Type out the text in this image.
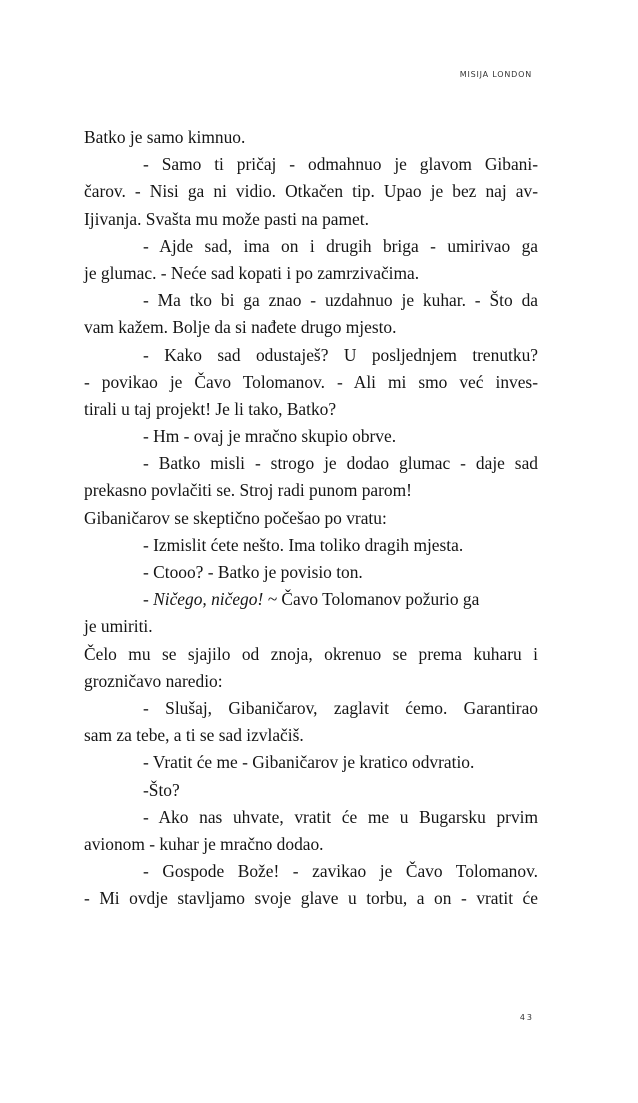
MISIJA LONDON
Batko je samo kimnuo.
- Samo ti pričaj - odmahnuo je glavom Gibani-
čarov. - Nisi ga ni vidio. Otkačen tip. Upao je bez naj av-
Ijivanja. Svašta mu može pasti na pamet.
- Ajde sad, ima on i drugih briga - umirivao ga
je glumac. - Neće sad kopati i po zamrzivačima.
- Ma tko bi ga znao - uzdahnuo je kuhar. - Što da
vam kažem. Bolje da si nađete drugo mjesto.
- Kako sad odustaješ? U posljednjem trenutku?
- povikao je Čavo Tolomanov. - Ali mi smo već inves-
tirali u taj projekt! Je li tako, Batko?
- Hm - ovaj je mračno skupio obrve.
- Batko misli - strogo je dodao glumac - daje sad
prekasno povlačiti se. Stroj radi punom parom!
Gibaničarov se skeptično počešao po vratu:
- Izmislit ćete nešto. Ima toliko dragih mjesta.
- Ctooo? - Batko je povisio ton.
- Ničego, ničego! ~ Čavo Tolomanov požurio ga
je umiriti.
Čelo mu se sjajilo od znoja, okrenuo se prema kuharu i
grozničavo naredio:
- Slušaj, Gibaničarov, zaglavit ćemo. Garantirao
sam za tebe, a ti se sad izvlačiš.
- Vratit će me - Gibaničarov je kratico odvratio.
-Što?
- Ako nas uhvate, vratit će me u Bugarsku prvim
avionom - kuhar je mračno dodao.
- Gospode Bože! - zavikao je Čavo Tolomanov.
- Mi ovdje stavljamo svoje glave u torbu, a on - vratit će
43
